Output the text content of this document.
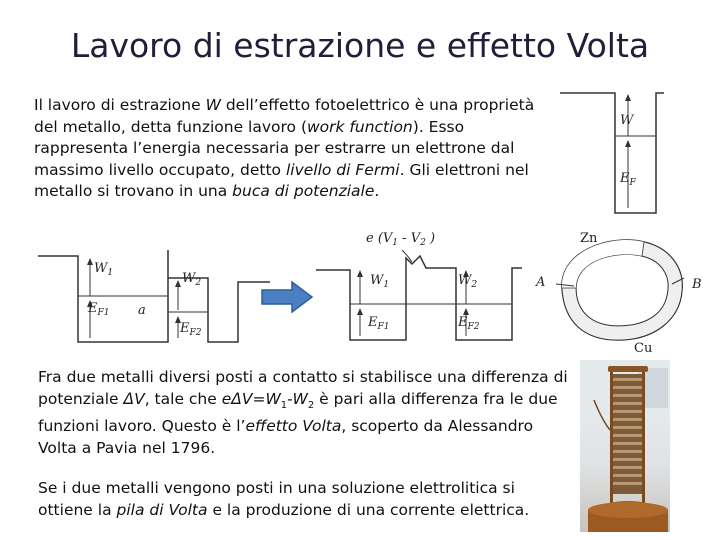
Lavoro di estrazione e effetto Volta
Il lavoro di estrazione W dell’effetto fotoelettrico è una proprietà del metallo, detta funzione lavoro (work function). Esso rappresenta l’energia necessaria per estrarre un elettrone dal massimo livello occupato, detto livello di Fermi. Gli elettroni nel metallo si trovano in una buca di potenziale.
W
$E_F$
$W_1$	$W_2$
$E_{F1}$ a
$E_{F2}$
e ($V_1 - V_2$ )
$W_1$	$W_2$
$E_{F1}$	$E_{F2}$
Zn
Cu
A	B
Fra due metalli diversi posti a contatto si stabilisce una differenza di potenziale ΔV, tale che $e\Delta V=W_1-W_2$ è pari alla differenza fra le due funzioni lavoro. Questo è l’effetto Volta, scoperto da Alessandro Volta a Pavia nel 1796.
Se i due metalli vengono posti in una soluzione elettrolitica si ottiene la pila di Volta e la produzione di una corrente elettrica.
